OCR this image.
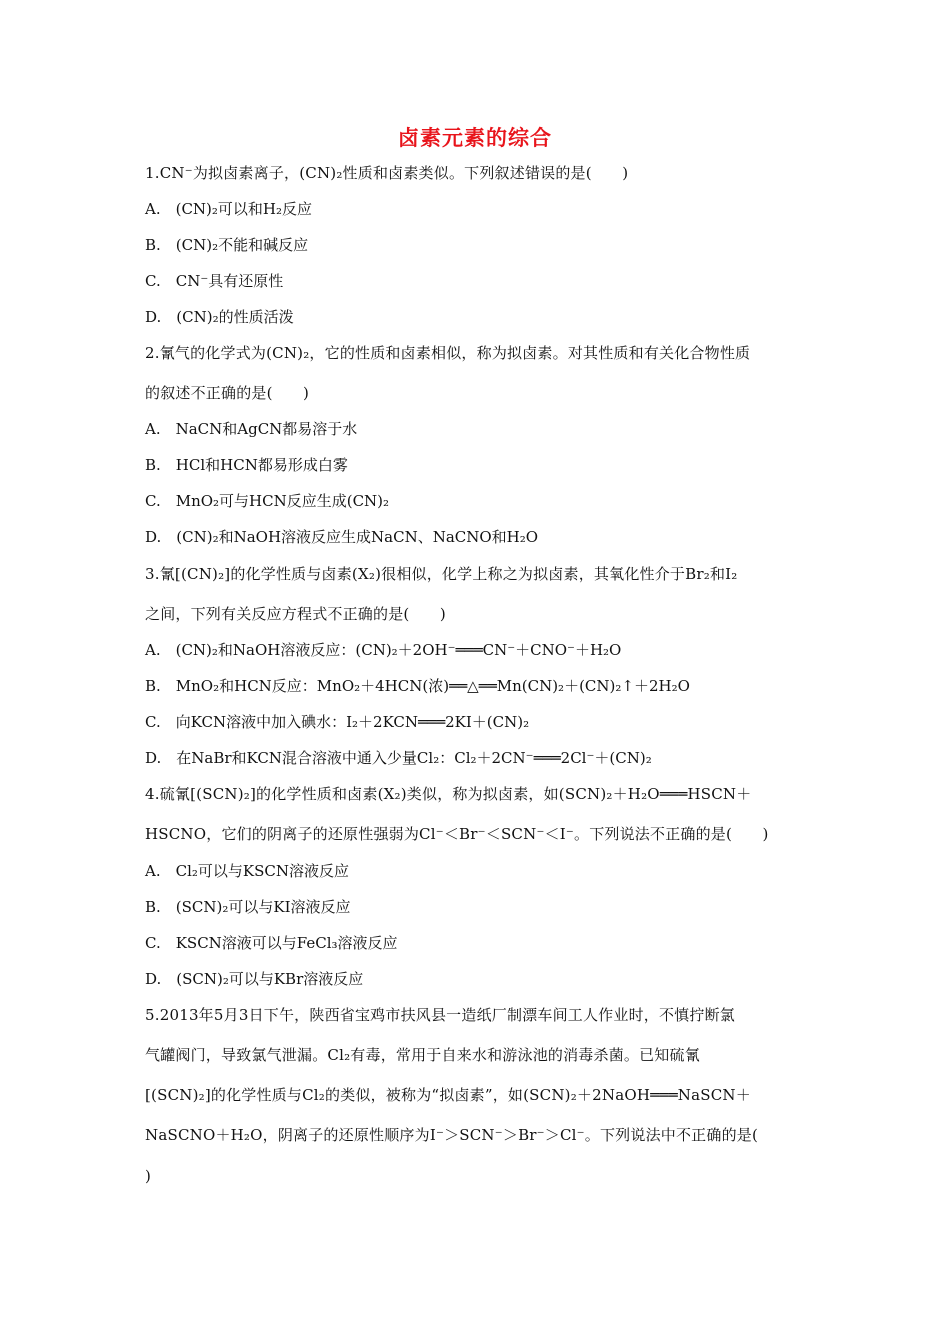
卤素元素的综合
1.CN⁻为拟卤素离子，(CN)₂性质和卤素类似。下列叙述错误的是(　　)
A.　(CN)₂可以和H₂反应
B.　(CN)₂不能和碱反应
C.　CN⁻具有还原性
D.　(CN)₂的性质活泼
2.氰气的化学式为(CN)₂，它的性质和卤素相似，称为拟卤素。对其性质和有关化合物性质
的叙述不正确的是(　　)
A.　NaCN和AgCN都易溶于水
B.　HCl和HCN都易形成白雾
C.　MnO₂可与HCN反应生成(CN)₂
D.　(CN)₂和NaOH溶液反应生成NaCN、NaCNO和H₂O
3.氰[(CN)₂]的化学性质与卤素(X₂)很相似，化学上称之为拟卤素，其氧化性介于Br₂和I₂
之间，下列有关反应方程式不正确的是(　　)
A.　(CN)₂和NaOH溶液反应：(CN)₂＋2OH⁻═══CN⁻＋CNO⁻＋H₂O
B.　MnO₂和HCN反应：MnO₂＋4HCN(浓)══△══Mn(CN)₂＋(CN)₂↑＋2H₂O
C.　向KCN溶液中加入碘水：I₂＋2KCN═══2KI＋(CN)₂
D.　在NaBr和KCN混合溶液中通入少量Cl₂：Cl₂＋2CN⁻═══2Cl⁻＋(CN)₂
4.硫氰[(SCN)₂]的化学性质和卤素(X₂)类似，称为拟卤素，如(SCN)₂＋H₂O═══HSCN＋
HSCNO，它们的阴离子的还原性强弱为Cl⁻＜Br⁻＜SCN⁻＜I⁻。下列说法不正确的是(　　)
A.　Cl₂可以与KSCN溶液反应
B.　(SCN)₂可以与KI溶液反应
C.　KSCN溶液可以与FeCl₃溶液反应
D.　(SCN)₂可以与KBr溶液反应
5.2013年5月3日下午，陕西省宝鸡市扶风县一造纸厂制漂车间工人作业时，不慎拧断氯
气罐阀门，导致氯气泄漏。Cl₂有毒，常用于自来水和游泳池的消毒杀菌。已知硫氰
[(SCN)₂]的化学性质与Cl₂的类似，被称为“拟卤素”，如(SCN)₂＋2NaOH═══NaSCN＋
NaSCNO＋H₂O，阴离子的还原性顺序为I⁻＞SCN⁻＞Br⁻＞Cl⁻。下列说法中不正确的是(
)
